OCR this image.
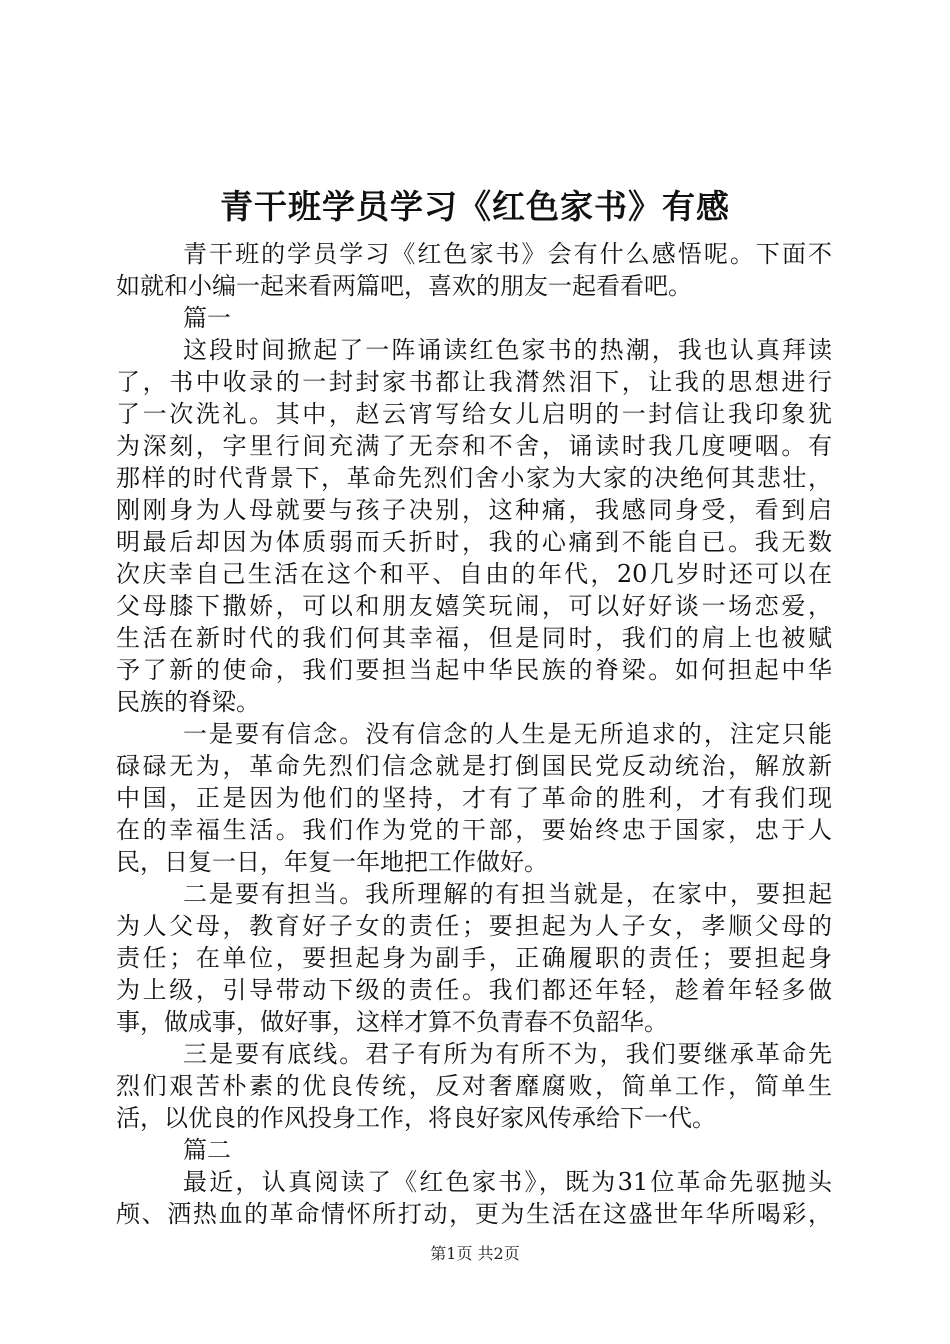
青干班学员学习《红色家书》有感
青干班的学员学习《红色家书》会有什么感悟呢。下面不
如就和小编一起来看两篇吧，喜欢的朋友一起看看吧。
篇一
这段时间掀起了一阵诵读红色家书的热潮，我也认真拜读
了，书中收录的一封封家书都让我潸然泪下，让我的思想进行
了一次洗礼。其中，赵云宵写给女儿启明的一封信让我印象犹
为深刻，字里行间充满了无奈和不舍，诵读时我几度哽咽。有
那样的时代背景下，革命先烈们舍小家为大家的决绝何其悲壮，
刚刚身为人母就要与孩子决别，这种痛，我感同身受，看到启
明最后却因为体质弱而夭折时，我的心痛到不能自已。我无数
次庆幸自己生活在这个和平、自由的年代，20几岁时还可以在
父母膝下撒娇，可以和朋友嬉笑玩闹，可以好好谈一场恋爱，
生活在新时代的我们何其幸福，但是同时，我们的肩上也被赋
予了新的使命，我们要担当起中华民族的脊梁。如何担起中华
民族的脊梁。
一是要有信念。没有信念的人生是无所追求的，注定只能
碌碌无为，革命先烈们信念就是打倒国民党反动统治，解放新
中国，正是因为他们的坚持，才有了革命的胜利，才有我们现
在的幸福生活。我们作为党的干部，要始终忠于国家，忠于人
民，日复一日，年复一年地把工作做好。
二是要有担当。我所理解的有担当就是，在家中，要担起
为人父母，教育好子女的责任；要担起为人子女，孝顺父母的
责任；在单位，要担起身为副手，正确履职的责任；要担起身
为上级，引导带动下级的责任。我们都还年轻，趁着年轻多做
事，做成事，做好事，这样才算不负青春不负韶华。
三是要有底线。君子有所为有所不为，我们要继承革命先
烈们艰苦朴素的优良传统，反对奢靡腐败，简单工作，简单生
活，以优良的作风投身工作，将良好家风传承给下一代。
篇二
最近，认真阅读了《红色家书》，既为31位革命先驱抛头
颅、洒热血的革命情怀所打动，更为生活在这盛世年华所喝彩，
第1页 共2页
